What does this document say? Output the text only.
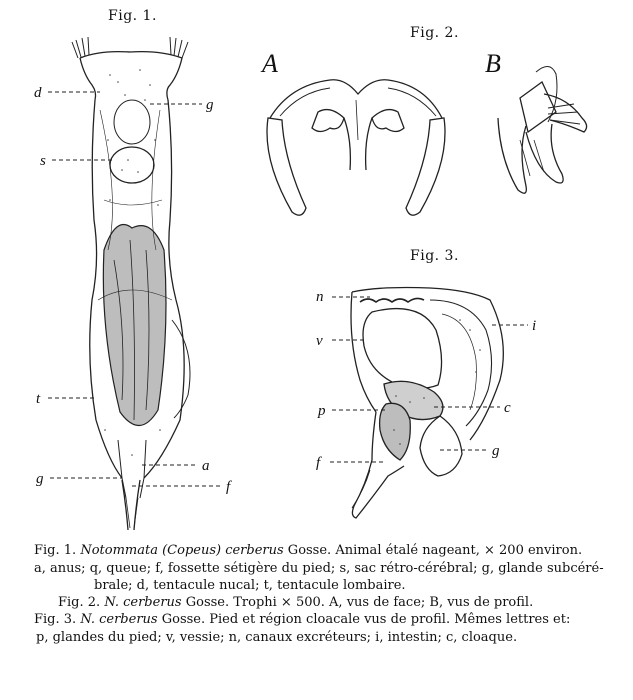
Fig. 1.
Fig. 2.
Fig. 3.
d
g
s
t
g
a
f
A	B
n
v
i
p	c
f
g

Fig. 1. Notommata (Copeus) cerberus Gosse. Animal étalé nageant, ⨯ 200 environ.

a, anus; q, queue; f, fossette sétigère du pied; s, sac rétro-cérébral; g, glande subcéré-

brale; d, tentacule nucal; t, tentacule lombaire.

Fig. 2. N. cerberus Gosse. Trophi ⨯ 500. A, vus de face; B, vus de profil.

Fig. 3. N. cerberus Gosse. Pied et région cloacale vus de profil. Mêmes lettres et:

p, glandes du pied; v, vessie; n, canaux excréteurs; i, intestin; c, cloaque.
